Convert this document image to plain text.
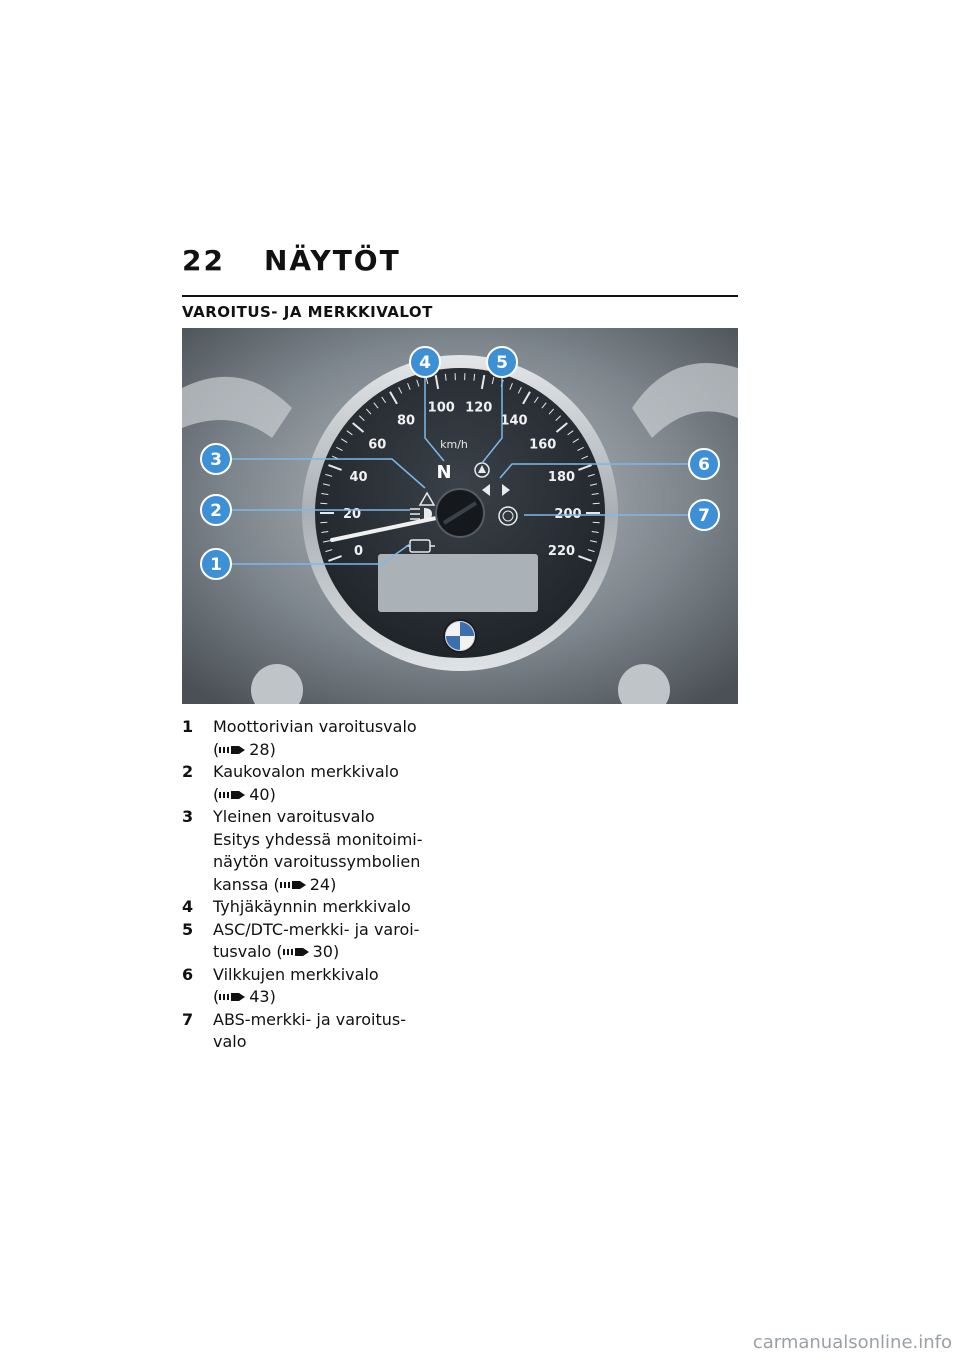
22 NÄYTÖT
VAROITUS- JA MERKKIVALOT
0
20
40
60
80
100 120
140
160
180
200
220
km/h
N
1
2
3
4	5
6
7
1 Moottorivian varoitusvalo
( 28)
2 Kaukovalon merkkivalo
( 40)
3 Yleinen varoitusvalo
Esitys yhdessä monitoimi-
näytön varoitussymbolien
kanssa ( 24)
4 Tyhjäkäynnin merkkivalo
5 ASC/DTC-merkki- ja varoi-
tusvalo ( 30)
6 Vilkkujen merkkivalo
( 43)
7 ABS-merkki- ja varoitus-
valo
carmanualsonline.info
